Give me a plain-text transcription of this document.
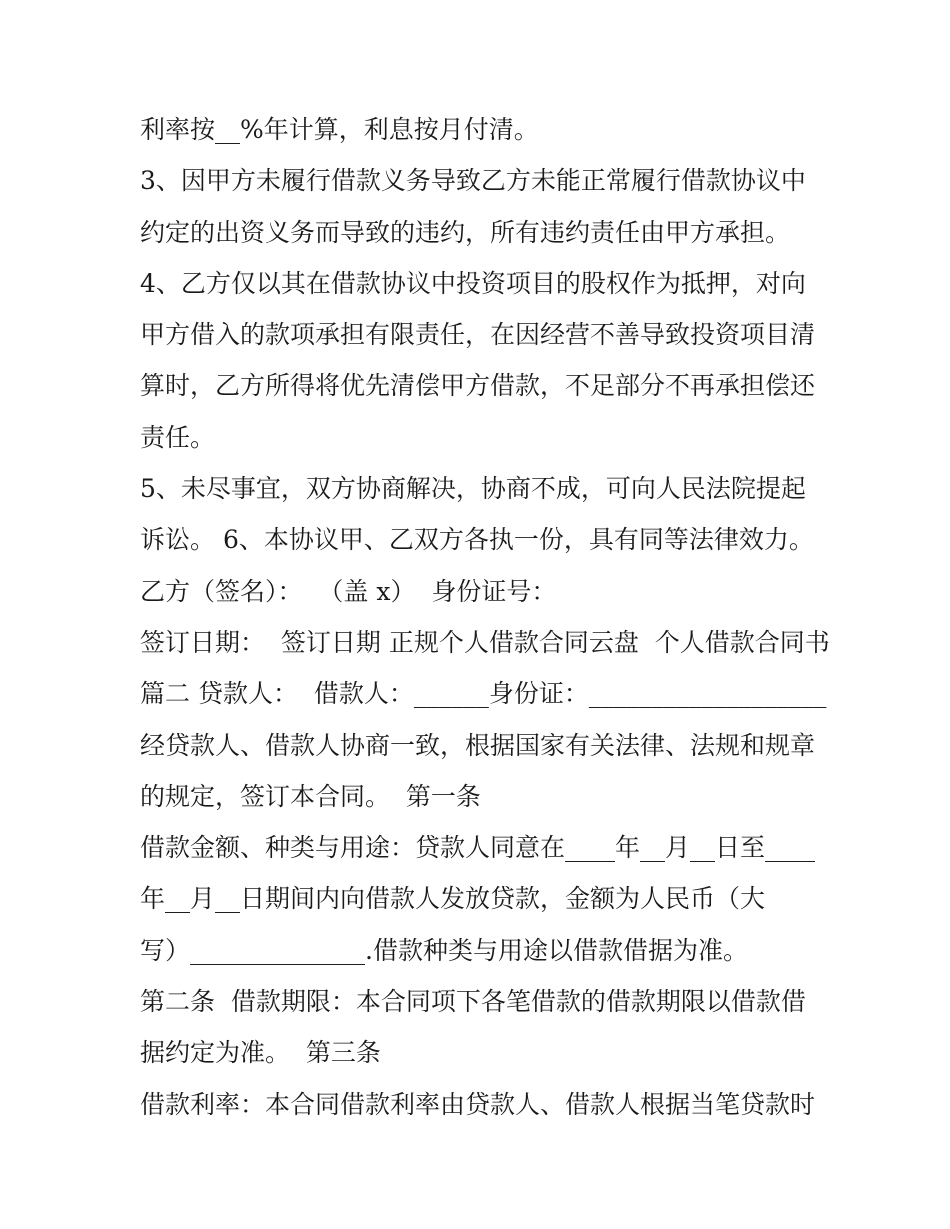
利率按__%年计算，利息按月付清。
3、因甲方未履行借款义务导致乙方未能正常履行借款协议中
约定的出资义务而导致的违约，所有违约责任由甲方承担。
4、乙方仅以其在借款协议中投资项目的股权作为抵押，对向
甲方借入的款项承担有限责任，在因经营不善导致投资项目清
算时，乙方所得将优先清偿甲方借款，不足部分不再承担偿还
责任。
5、未尽事宜，双方协商解决，协商不成，可向人民法院提起
诉讼。 6、本协议甲、乙双方各执一份，具有同等法律效力。
乙方（签名）：  （盖 x）  身份证号：
签订日期：  签订日期 正规个人借款合同云盘  个人借款合同书
篇二 贷款人：  借款人：______身份证：___________________
经贷款人、借款人协商一致，根据国家有关法律、法规和规章
的规定，签订本合同。  第一条
借款金额、种类与用途：贷款人同意在____年__月__日至____
年__月__日期间内向借款人发放贷款，金额为人民币（大
写）______________.借款种类与用途以借款借据为准。
第二条  借款期限：本合同项下各笔借款的借款期限以借款借
据约定为准。  第三条
借款利率：本合同借款利率由贷款人、借款人根据当笔贷款时
